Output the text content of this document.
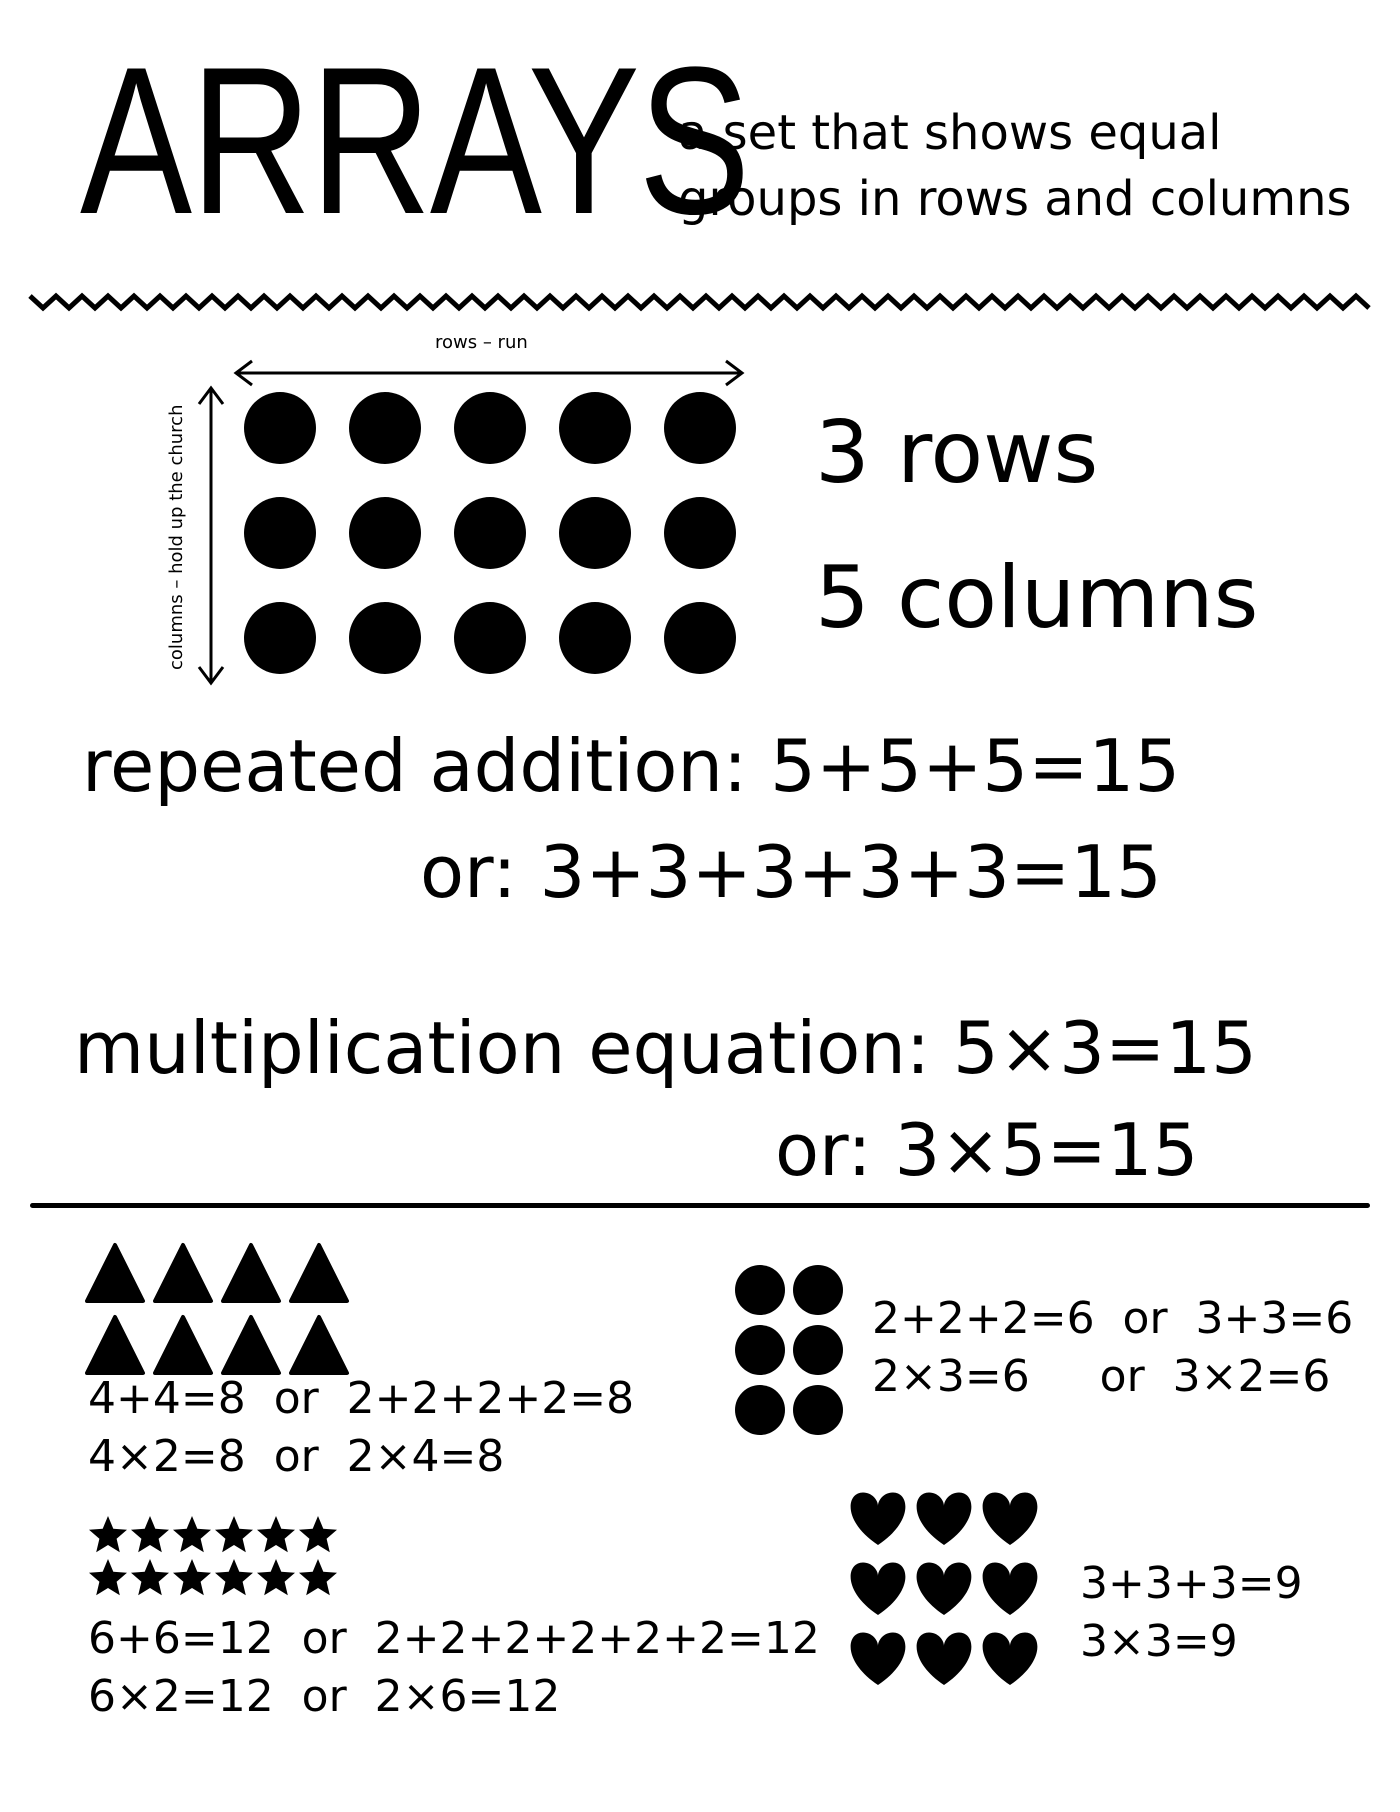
ARRAYS
a set that shows equal
groups in rows and columns
rows – run
columns – hold up the church	3 rows
5 columns
repeated addition: 5+5+5=15
or: 3+3+3+3+3=15
multiplication equation: 5×3=15
or: 3×5=15
4+4=8  or  2+2+2+2=8
4×2=8  or  2×4=8
2+2+2=6  or  3+3=6
2×3=6     or  3×2=6
6+6=12  or  2+2+2+2+2+2=12
6×2=12  or  2×6=12
3+3+3=9
3×3=9
